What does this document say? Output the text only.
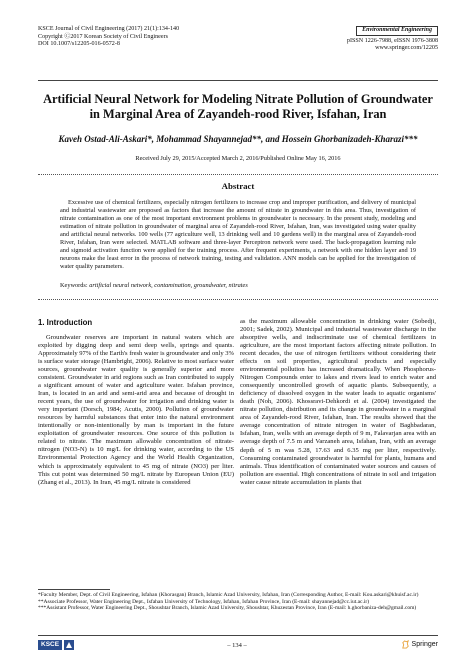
KSCE Journal of Civil Engineering (2017) 21(1):134-140
Copyright Ⓒ2017 Korean Society of Civil Engineers
DOI 10.1007/s12205-016-0572-8
Environmental Engineering
pISSN 1226-7988, eISSN 1976-3808
www.springer.com/12205
Artificial Neural Network for Modeling Nitrate Pollution of Groundwater in Marginal Area of Zayandeh-rood River, Isfahan, Iran
Kaveh Ostad-Ali-Askari*, Mohammad Shayannejad**, and Hossein Ghorbanizadeh-Kharazi***
Received July 29, 2015/Accepted March 2, 2016/Published Online May 16, 2016
Abstract
Excessive use of chemical fertilizers, especially nitrogen fertilizers to increase crop and improper purification, and delivery of municipal and industrial wastewater are proposed as factors that increase the amount of nitrate in groundwater in this area. Thus, investigation of nitrate contamination as one of the most important environment problems in groundwater is necessary. In the present study, modeling and estimation of nitrate pollution in groundwater of marginal area of Zayandeh-rood River, Isfahan, Iran, was investigated using water quality and artificial neural networks. 100 wells (77 agriculture well, 13 drinking well and 10 gardens well) in the marginal area of Zayandeh-rood River, Isfahan, Iran were selected. MATLAB software and three-layer Perceptron network were used. The back-propagation learning rule and sigmoid activation function were applied for the training process. After frequent experiments, a network with one hidden layer and 19 neurons make the least error in the process of network training, testing and validation. ANN models can be applied for the investigation of water quality parameters.
Keywords: artificial neural network, contamination, groundwater, nitrates
1. Introduction
Groundwater reserves are important in natural waters which are exploited by digging deep and semi deep wells, springs and quants. Approximately 97% of the Earth's fresh water is groundwater and only 3% is surface water storage (Hambright, 2006). Relative to most surface water sources, groundwater water quality is generally superior and more consistent. Groundwater in arid regions such as Iran contributed to supply a significant amount of water and agriculture water. Isfahan province, Iran, is located in an arid and semi-arid area and because of drought in recent years, the use of groundwater for irrigation and drinking water is very important (Dorsch, 1984; Acutis, 2000). Pollution of groundwater resources by harmful substances that enter into the natural environment intentionally or non-intentionally by man is important in the future exploitation of groundwater resources. One source of this pollution is related to nitrate. The maximum allowable concentration of nitrate-nitrogen (NO3-N) is 10 mg/L for drinking water, according to the US Environmental Protection Agency and the World Health Organization, which is approximately equivalent to 45 mg of nitrate (NO3) per liter. This cut point was determined 50 mg/L nitrate by European Union (EU) (Zhang et al., 2013). In Iran, 45 mg/L nitrate is considered
as the maximum allowable concentration in drinking water (Sobedji, 2001; Sadek, 2002). Municipal and industrial wastewater discharge in the absorptive wells, and indiscriminate use of chemical fertilizers in agriculture, are the most important factors affecting nitrate pollution. In recent decades, the use of nitrogen fertilizers without considering their effects on soil properties, agricultural products and especially environmental pollution has increased dramatically. When Phosphorus-Nitrogen Compounds enter to lakes and rivers lead to enrich water and consequently uncontrolled growth of aquatic plants. Subsequently, a deficiency of dissolved oxygen in the water leads to aquatic organisms' death (Noh, 2006). Khossravi-Dehkordi et al. (2004) investigated the nitrate pollution, distribution and its change in groundwater in a marginal area of Zayandeh-rood River, Isfahan, Iran. The results showed that the average concentration of nitrate nitrogen in water of Baghbadaran, Isfahan, Iran, wells with an average depth of 9 m, Falavarjan area with an average depth of 7.5 m and Varzaneh area, Isfahan, Iran, with an average depth of 5 m was 5.28, 17.63 and 6.35 mg per liter, respectively. Consuming contaminated groundwater is harmful for plants, humans and animals. Thus identification of contaminated water sources and causes of pollution are essential. High concentrations of nitrate in soil and irrigation water cause nitrate accumulation in plants that

*Faculty Member, Dept. of Civil Engineering, Isfahan (Khorasgan) Branch, Islamic Azad University, Isfahan, Iran (Corresponding Author, E-mail: Kou.askari@khuisf.ac.ir)

**Associate Professor, Water Engineering Dept., Isfahan University of Technology, Isfahan, Isfahan Province, Iran (E-mail: shayannejad@cc.iut.ac.ir)

***Assistant Professor, Water Engineering Dept., Shoushtar Branch, Islamic Azad University, Shoushtar, Khuzestan Province, Iran (E-mail: h.ghorbaniza-deh@gmail.com)

KSCE	– 134 –	Springer
